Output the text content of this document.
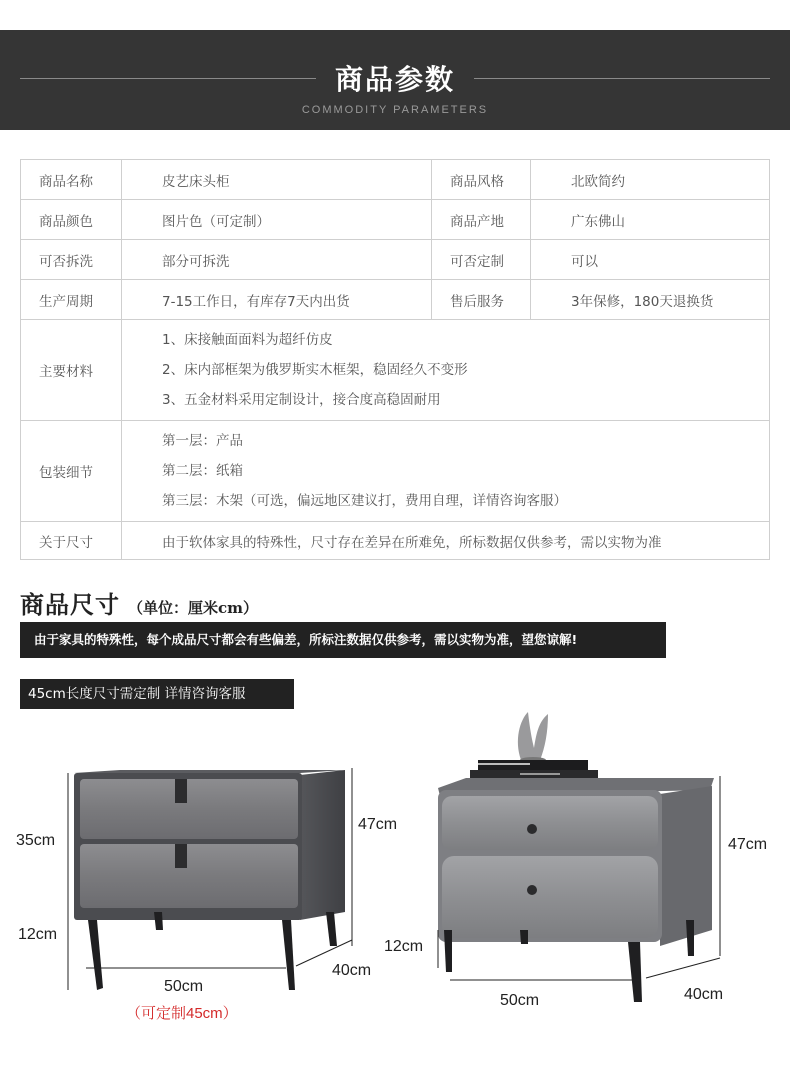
商品参数
COMMODITY PARAMETERS
商品名称	皮艺床头柜	商品风格	北欧简约
商品颜色	图片色（可定制）	商品产地	广东佛山
可否拆洗	部分可拆洗	可否定制	可以
生产周期	7-15工作日，有库存7天内出货	售后服务	3年保修，180天退换货
主要材料	1、床接触面面料为超纤仿皮
2、床内部框架为俄罗斯实木框架，稳固经久不变形
3、五金材料采用定制设计，接合度高稳固耐用		

包装细节	第一层：产品
第二层：纸箱
第三层：木架（可选，偏远地区建议打，费用自理，详情咨询客服）		

关于尺寸	由于软体家具的特殊性，尺寸存在差异在所难免，所标数据仅供参考，需以实物为准		
商品尺寸 （单位：厘米cm）
由于家具的特殊性，每个成品尺寸都会有些偏差，所标注数据仅供参考，需以实物为准，望您谅解!
45cm长度尺寸需定制 详情咨询客服
35cm
12cm
47cm
50cm
40cm
（可定制45cm）
47cm
12cm
50cm	40cm
